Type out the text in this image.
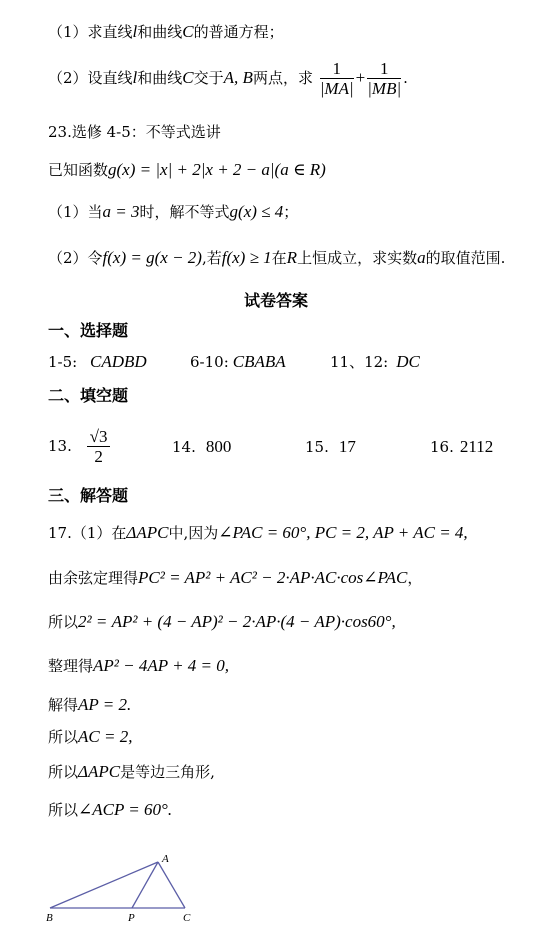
（1）求直线l和曲线C的普通方程；
（2）设直线l和曲线C交于A, B两点，求 $\frac{1}{|MA|} + \frac{1}{|MB|}$ .
23.选修 4-5：不等式选讲
已知函数g(x) = |x| + 2|x + 2 − a|(a ∈ R)
（1）当a = 3时，解不等式g(x) ≤ 4；
（2）令f(x) = g(x − 2),若f(x) ≥ 1在R上恒成立，求实数a的取值范围.
试卷答案
一、选择题
1-5: CADBD	6-10: CBABA	11、12: DC
二、填空题
13. $\frac{√3}{2}$	14. 800	15. 17	16. 2112
三、解答题
17.（1）在ΔAPC中,因为∠PAC = 60°, PC = 2, AP + AC = 4,
由余弦定理得PC² = AP² + AC² − 2·AP·AC·cos∠PAC，
所以2² = AP² + (4 − AP)² − 2·AP·(4 − AP)·cos60°,
整理得AP² − 4AP + 4 = 0,
解得AP = 2.
所以AC = 2,
所以ΔAPC是等边三角形,
所以∠ACP = 60°.
A
B	P	C
